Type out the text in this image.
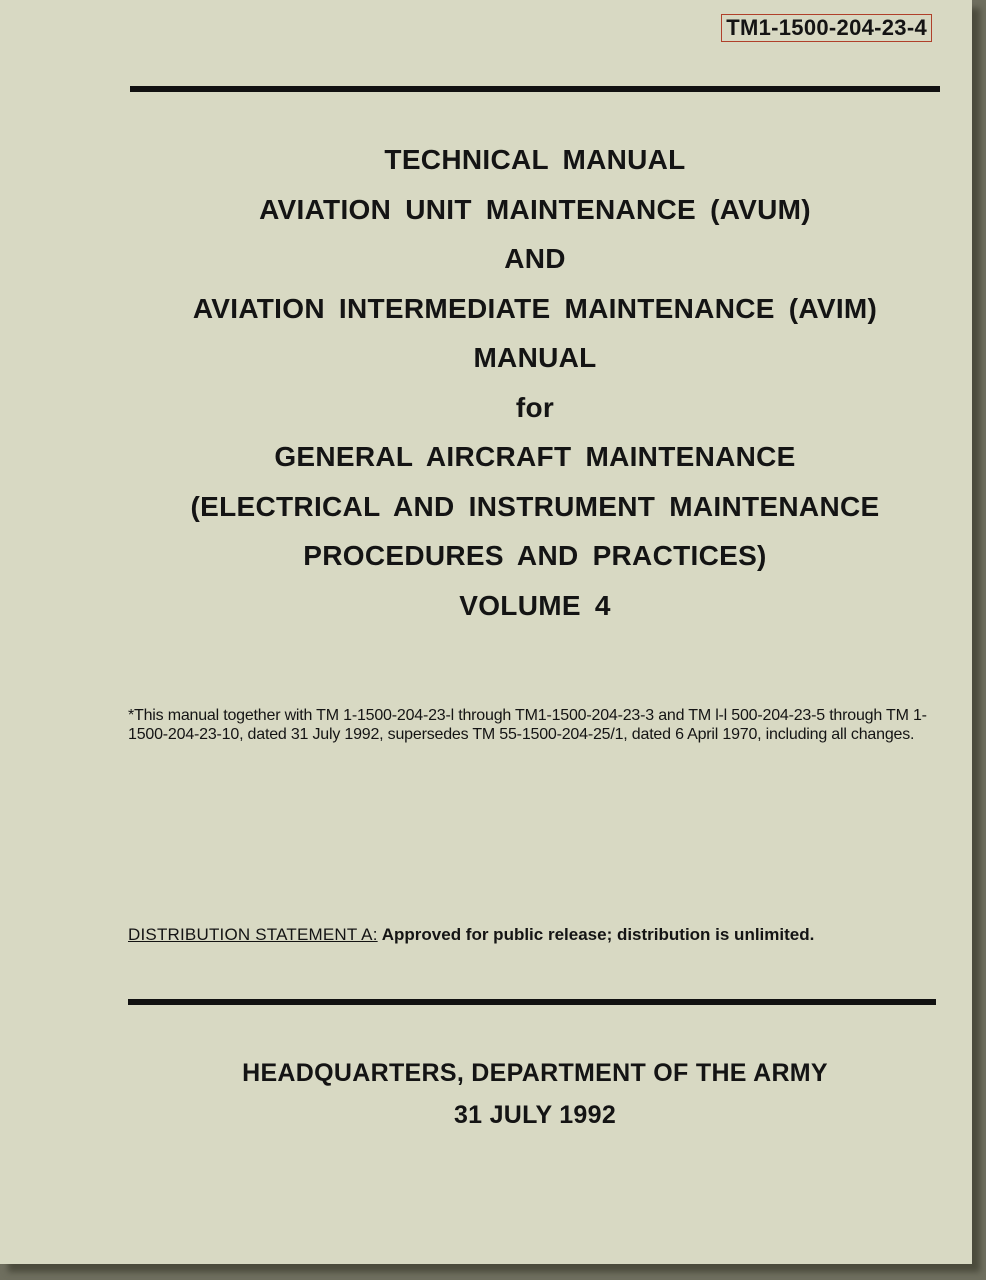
TM1-1500-204-23-4
TECHNICAL MANUAL
AVIATION UNIT MAINTENANCE (AVUM)
AND
AVIATION INTERMEDIATE MAINTENANCE (AVIM)
MANUAL
for
GENERAL AIRCRAFT MAINTENANCE
(ELECTRICAL AND INSTRUMENT MAINTENANCE
PROCEDURES AND PRACTICES)
VOLUME 4
*This manual together with TM 1-1500-204-23-l through TM1-1500-204-23-3 and TM l-l 500-204-23-5 through TM 1-1500-204-23-10, dated 31 July 1992, supersedes TM 55-1500-204-25/1, dated 6 April 1970, including all changes.
DISTRIBUTION STATEMENT A: Approved for public release; distribution is unlimited.
HEADQUARTERS, DEPARTMENT OF THE ARMY
31 JULY 1992
